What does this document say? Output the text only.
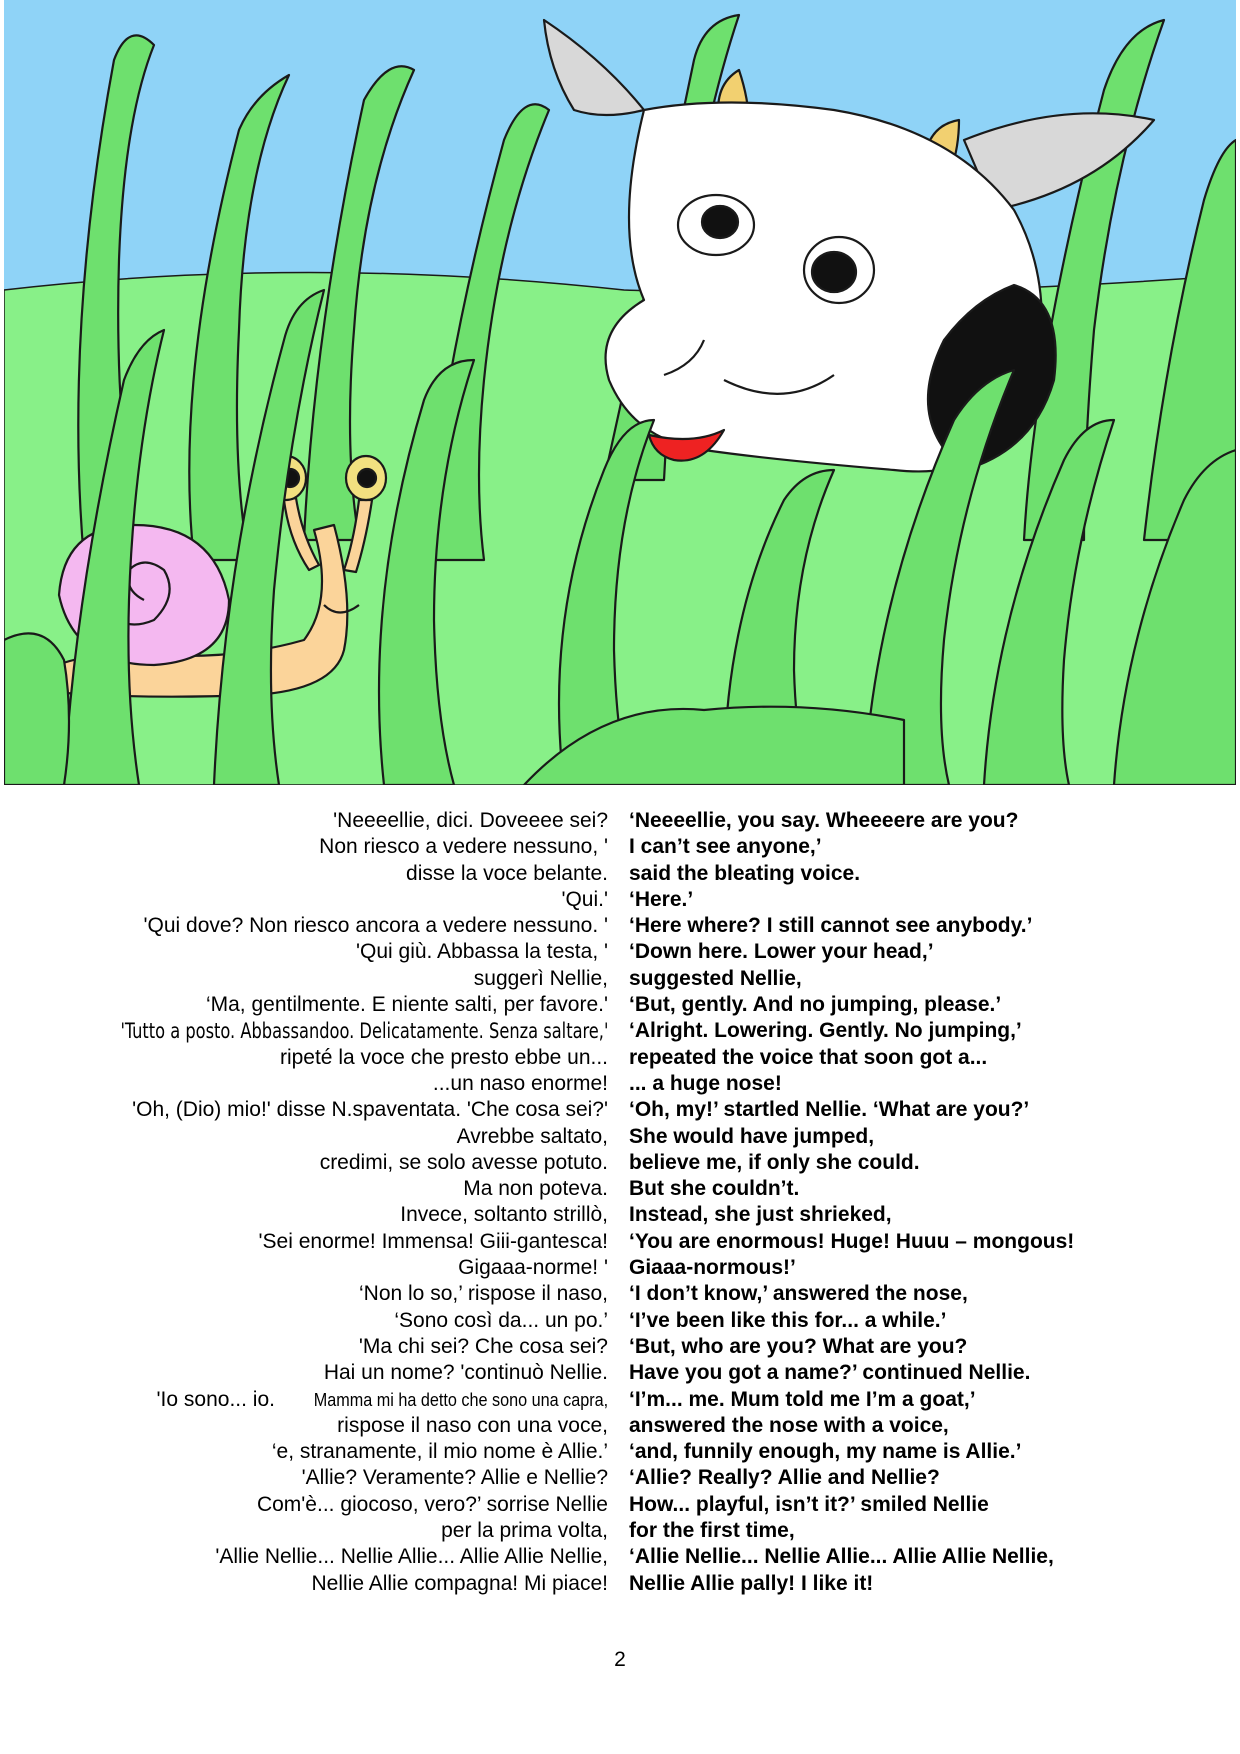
'Neeeellie, dici. Doveeee sei? ‘Neeeellie, you say. Wheeeere are you?
Non riesco a vedere nessuno, ' I can’t see anyone,’
disse la voce belante. said the bleating voice.
'Qui.' ‘Here.’
'Qui dove? Non riesco ancora a vedere nessuno. ' ‘Here where? I still cannot see anybody.’
'Qui giù. Abbassa la testa, ' ‘Down here. Lower your head,’
suggerì Nellie, suggested Nellie,
‘Ma, gentilmente. E niente salti, per favore.' ‘But, gently. And no jumping, please.’
'Tutto a posto. Abbassandoo. Delicatamente. Senza saltare,' ‘Alright. Lowering. Gently. No jumping,’
ripeté la voce che presto ebbe un... repeated the voice that soon got a...
...un naso enorme! ... a huge nose!
'Oh, (Dio) mio!' disse N.spaventata. 'Che cosa sei?' ‘Oh, my!’ startled Nellie. ‘What are you?’
Avrebbe saltato, She would have jumped,
credimi, se solo avesse potuto. believe me, if only she could.
Ma non poteva. But she couldn’t.
Invece, soltanto strillò, Instead, she just shrieked,
'Sei enorme! Immensa! Giii-gantesca! ‘You are enormous! Huge! Huuu – mongous!
Gigaaa-norme! ' Giaaa-normous!’
‘Non lo so,’ rispose il naso, ‘I don’t know,’ answered the nose,
‘Sono così da... un po.’ ‘I’ve been like this for... a while.’
'Ma chi sei? Che cosa sei? ‘But, who are you? What are you?
Hai un nome? 'continuò Nellie. Have you got a name?’ continued Nellie.
'Io sono... io. Mamma mi ha detto che sono una capra, ‘I’m... me. Mum told me I’m a goat,’
rispose il naso con una voce, answered the nose with a voice,
‘e, stranamente, il mio nome è Allie.’ ‘and, funnily enough, my name is Allie.’
'Allie? Veramente? Allie e Nellie? ‘Allie? Really? Allie and Nellie?
Com'è... giocoso, vero?’ sorrise Nellie How... playful, isn’t it?’ smiled Nellie
per la prima volta, for the first time,
'Allie Nellie... Nellie Allie... Allie Allie Nellie, ‘Allie Nellie... Nellie Allie... Allie Allie Nellie,
Nellie Allie compagna! Mi piace! Nellie Allie pally! I like it!
2
